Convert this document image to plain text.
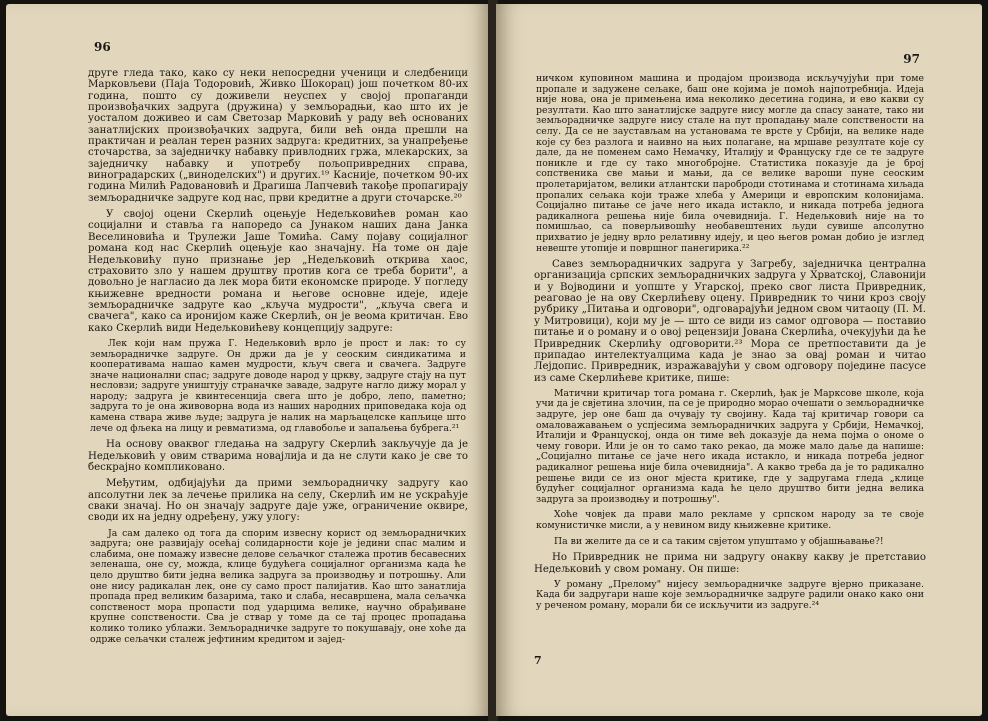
96

друге гледа тако, како су неки непосредни ученици и следбеници Марковљеви (Паја Тодоровић, Живко Шокорац) још почетком 80-их година, пошто су доживели неуспех у својој пропаганди произвођачких задруга (дружина) у земљорадњи, као што их је уосталом доживео и сам Светозар Марковић у раду већ основаних занатлијских произвођачких задруга, били већ онда прешли на практичан и реалан терен разних задруга: кредитних, за унапређење сточарства, за заједничку набавку привлодних гржа, млекарских, за заједничку набавку и употребу пољопривредних справа, виноградарских („виноделских") и других.¹⁹ Касније, почетком 90-их година Милић Радовановић и Драгиша Лапчевић такође пропагирају земљорадничке задруге код нас, први кредитне а други сточарске.²⁰

У својој оцени Скерлић оцењује Недељковићев роман као социјални и ставља га напоредо са Јунаком наших дана Јанка Веселиновића и Трулежи Јаше Томића. Саму појаву социјалног романа код нас Скерлић оцењује као значајну. На томе он даје Недељковићу пуно признање јер „Недељковић открива хаос, страховито зло у нашем друштву против кога се треба борити", а довољно је нагласио да лек мора бити економске природе. У погледу књижевне вредности романа и његове основне идеје, идеје земљорадничке задруге као „кључа мудрости", „кључа свега и свачега", како са иронијом каже Скерлић, он је веома критичан. Ево како Скерлић види Недељковићеву концепцију задруге:

Лек који нам пружа Г. Недељковић врло је прост и лак: то су земљорадничке задруге. Он држи да је у сеоским синдикатима и кооперативама нашао камен мудрости, кључ свега и свачега. Задруге значе национални спас; задруге доводе народ у цркву, задруге стају на пут несловзи; задруге уништују страначке заваде, задруге нагло дижу морал у народу; задруга је квинтесенција свега што је добро, лепо, паметно; задруга то је она живоворна вода из наших народних приповедака која од камена ствара живе људе; задруга је налик на марљацелске капљице што лече од фљека на лицу и ревматизма, од главобоље и запаљења бубрега.²¹

На основу оваквог гледања на задругу Скерлић закључује да је Недељковић у овим стварима новајлија и да не слути како је све то бескрајно компликовано.

Међутим, одбијајући да прими земљорадничку задругу као апсолутни лек за лечење прилика на селу, Скерлић им не ускраћује сваки значај. Но он значају задруге даје уже, ограничение оквире, своди их на једну одређену, ужу улогу:

Ја сам далеко од тога да спорим извесну корист од земљорадничких задруга; оне развијају осећај солидарности које је једини спас малим и слабима, оне помажу извесне делове сељачког сталежа против бесавесних зеленаша, оне су, можда, клице будућега социјалног организма када ће цело друштво бити једна велика задруга за производњу и потрошњу. Али оне нису радикалан лек, оне су само прост палијатив. Као што занатлија пропада пред великим базарима, тако и слаба, несавршена, мала сељачка сопственост мора пропасти под ударцима велике, научно обрађиване крупне сопствености. Сва је ствар у томе да се тај процес пропадања колико толико ублажи. Земљорадничке задруге то покушавају, оне хоће да одрже сељачки сталеж јефтиним кредитом и зајед-

97

ничком куповином машина и продајом производа искључујући при томе пропале и задужене сељаке, баш оне којима је помоћ најпотребнија. Идеја није нова, она је примењена има неколико десетина година, и ево какви су резултати. Као што занатлијске задруге нису могле да спасу занате, тако ни земљорадничке задруге нису стале на пут пропадању мале сопствености на селу. Да се не заустављам на установама те врсте у Србији, на велике наде које су без разлога и наивно на њих полагане, на мршаве резултате које су дале, да не поменем само Немачку, Италију и Француску где се те задруге пониклe и где су тако многобројне. Статистика показује да је број сопственика све мањи и мањи, да се велике вароши пуне сеоским пролетаријатом, велики атлантски пароброди стотинама и стотинама хиљада пропалих сељака који траже хлеба у Америци и европским колонијама. Социјално питање се јаче него икада истакло, и никада потреба једнога радикалнога решења није била очевиднија. Г. Недељковић није на то помишљао, са поверљивошћу необавештених људи сувише апсолутно прихватио је једну врло релативну идеју, и цео његов роман добио је изглед невеште утопије и површног панегирика.²²

Савез земљорадничких задруга у Загребу, заједничка централна организација српских земљорадничких задруга у Хрватској, Славонији и у Војводини и уопште у Угарској, преко свог листа Привредник, реаговао је на ову Скерлићеву оцену. Привредник то чини кроз своју рубрику „Питања и одговори", одговарајући једном свом читаоцу (П. М. у Митровици), који му је — што се види из самог одговора — поставио питање и о роману и о овој рецензији Јована Скерлића, очекујући да ће Привредник Скерлићу одговорити.²³ Мора се претпоставити да је припадао интелектуалцима када је знао за овај роман и читао Лејдопис. Привредник, изражавајући у свом одговору поједине пасусе из саме Скерлићеве критике, пише:

Матични критичар тога романа г. Скерлић, ђак је Марксове школе, која учи да је свјетина злочин, па се је природно морао очешати о земљорадничке задруге, јер оне баш да очувају ту својину. Када тај критичар говори са омаловажавањем о успјесима земљорадничких задруга у Србији, Немачкој, Италији и Француској, онда он тиме већ доказује да нема појма о ономе о чему говори. Или је он то само тако рекао, да може мало даље да напише: „Социјално питање се јаче него икада истакло, и никада потреба једног радикалног решења није била очевиднија". А какво треба да је то радикално решење види се из оног мјеста критике, где у задругама гледа „клице будућег социјалног организма када ће цело друштво бити једна велика задруга за производњу и потрошњу".

Хоће човјек да прави мало рекламе у српском народу за те своје комунистичке мисли, а у невином виду књижевне критике.

Па ви желите да се и са таким свјетом упуштамо у објашњавање?!

Но Привредник не прима ни задругу онакву какву је претставио Недељковић у свом роману. Он пише:

У роману „Прелому" нијесу земљорадничке задруге вјерно приказане. Када би задругари наше које земљорадничке задруге радили онако како они у реченом роману, морали би се искључити из задруге.²⁴

7
